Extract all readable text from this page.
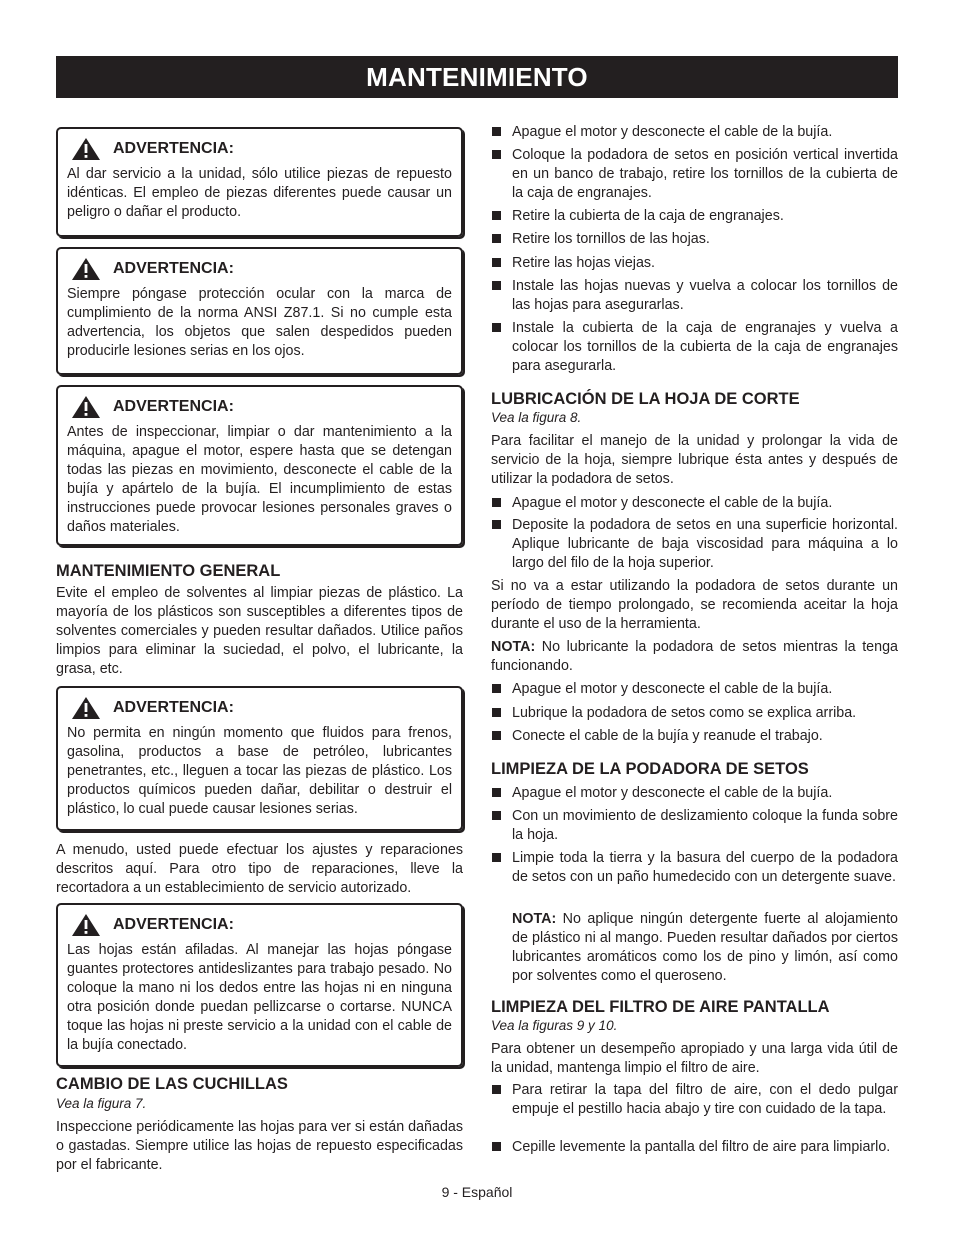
MANTENIMIENTO
ADVERTENCIA:

Al dar servicio a la unidad, sólo utilice piezas de repuesto idénticas. El empleo de piezas diferentes puede causar un peligro o dañar el producto.

ADVERTENCIA:

Siempre póngase protección ocular con la marca de cumplimiento de la norma ANSI Z87.1. Si no cumple esta advertencia, los objetos que salen despedidos pueden producirle lesiones serias en los ojos.

ADVERTENCIA:

Antes de inspeccionar, limpiar o dar mantenimiento a la máquina, apague el motor, espere hasta que se detengan todas las piezas en movimiento, desconecte el cable de la bujía y apártelo de la bujía. El incumplimiento de estas instrucciones puede provocar lesiones personales graves o daños materiales.

MANTENIMIENTO GENERAL
Evite el empleo de solventes al limpiar piezas de plástico. La mayoría de los plásticos son susceptibles a diferentes tipos de solventes comerciales y pueden resultar dañados. Utilice paños limpios para eliminar la suciedad, el polvo, el lubricante, la grasa, etc.
ADVERTENCIA:

No permita en ningún momento que fluidos para frenos, gasolina, productos a base de petróleo, lubricantes penetrantes, etc., lleguen a tocar las piezas de plástico. Los productos químicos pueden dañar, debilitar o destruir el plástico, lo cual puede causar lesiones serias.

A menudo, usted puede efectuar los ajustes y reparaciones descritos aquí. Para otro tipo de reparaciones, lleve la recortadora a un establecimiento de servicio autorizado.
ADVERTENCIA:

Las hojas están afiladas. Al manejar las hojas póngase guantes protectores antideslizantes para trabajo pesado. No coloque la mano ni los dedos entre las hojas ni en ninguna otra posición donde puedan pellizcarse o cortarse. NUNCA toque las hojas ni preste servicio a la unidad con el cable de la bujía conectado.

CAMBIO DE LAS CUCHILLAS
Vea la figura 7.
Inspeccione periódicamente las hojas para ver si están dañadas o gastadas. Siempre utilice las hojas de repuesto especificadas por el fabricante.
Apague el motor y desconecte el cable de la bujía.
Coloque la podadora de setos en posición vertical invertida en un banco de trabajo, retire los tornillos de la cubierta de la caja de engranajes.
Retire la cubierta de la caja de engranajes.
Retire los tornillos de las hojas.
Retire las hojas viejas.
Instale las hojas nuevas y vuelva a colocar los tornillos de las hojas para asegurarlas.
Instale la cubierta de la caja de engranajes y vuelva a colocar los tornillos de la cubierta de la caja de engranajes para asegurarla.
LUBRICACIÓN DE LA HOJA DE CORTE
Vea la figura 8.
Para facilitar el manejo de la unidad y prolongar la vida de servicio de la hoja, siempre lubrique ésta antes y después de utilizar la podadora de setos.
Apague el motor y desconecte el cable de la bujía.
Deposite la podadora de setos en una superficie horizontal. Aplique lubricante de baja viscosidad para máquina a lo largo del filo de la hoja superior.
Si no va a estar utilizando la podadora de setos durante un período de tiempo prolongado, se recomienda aceitar la hoja durante el uso de la herramienta.
NOTA: No lubricante la podadora de setos mientras la tenga funcionando.
Apague el motor y desconecte el cable de la bujía.
Lubrique la podadora de setos como se explica arriba.
Conecte el cable de la bujía y reanude el trabajo.
LIMPIEZA DE LA PODADORA DE SETOS
Apague el motor y desconecte el cable de la bujía.
Con un movimiento de deslizamiento coloque la funda sobre la hoja.
Limpie toda la tierra y la basura del cuerpo de la podadora de setos con un paño humedecido con un detergente suave.
NOTA: No aplique ningún detergente fuerte al alojamiento de plástico ni al mango. Pueden resultar dañados por ciertos lubricantes aromáticos como los de pino y limón, así como por solventes como el queroseno.
LIMPIEZA DEL FILTRO DE AIRE PANTALLA
Vea la figuras 9 y 10.
Para obtener un desempeño apropiado y una larga vida útil de la unidad, mantenga limpio el filtro de aire.
Para retirar la tapa del filtro de aire, con el dedo pulgar empuje el pestillo hacia abajo y tire con cuidado de la tapa.
Cepille levemente la pantalla del filtro de aire para limpiarlo.
9 - Español
